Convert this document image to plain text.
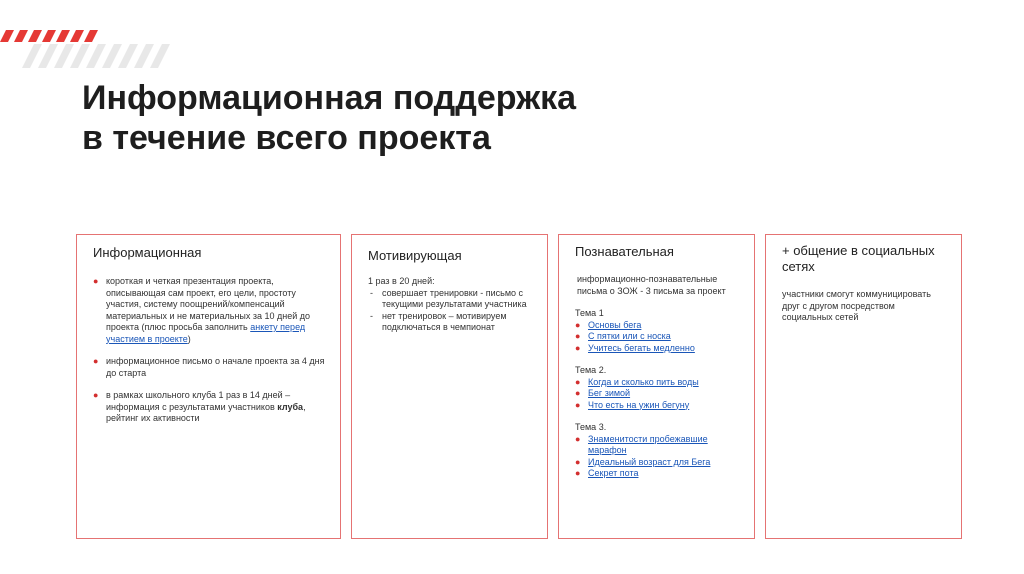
Информационная поддержка
в течение всего проекта
Информационная
● короткая и четкая презентация проекта, описывающая сам проект, его цели, простоту участия, систему поощрений/компенсаций материальных и не материальных за 10 дней до проекта (плюс просьба заполнить анкету перед участием в проекте)
● информационное письмо о начале проекта за 4 дня до старта
● в рамках школьного клуба 1 раз в 14 дней – информация с результатами участников клуба, рейтинг их активности
Мотивирующая
1 раз в 20 дней:
- совершает тренировки - письмо с текущими результатами участника
- нет тренировок – мотивируем подключаться в чемпионат
Познавательная
информационно-познавательные письма о ЗОЖ - 3 письма за проект
Тема 1
● Основы бега
● С пятки или с носка
● Учитесь бегать медленно
Тема 2.
● Когда и сколько пить воды
● Бег зимой
● Что есть на ужин бегуну
Тема 3.
● Знаменитости пробежавшие марафон
● Идеальный возраст для Бега
● Секрет пота
+ общение в социальных сетях
участники смогут коммуницировать друг с другом посредством социальных сетей
